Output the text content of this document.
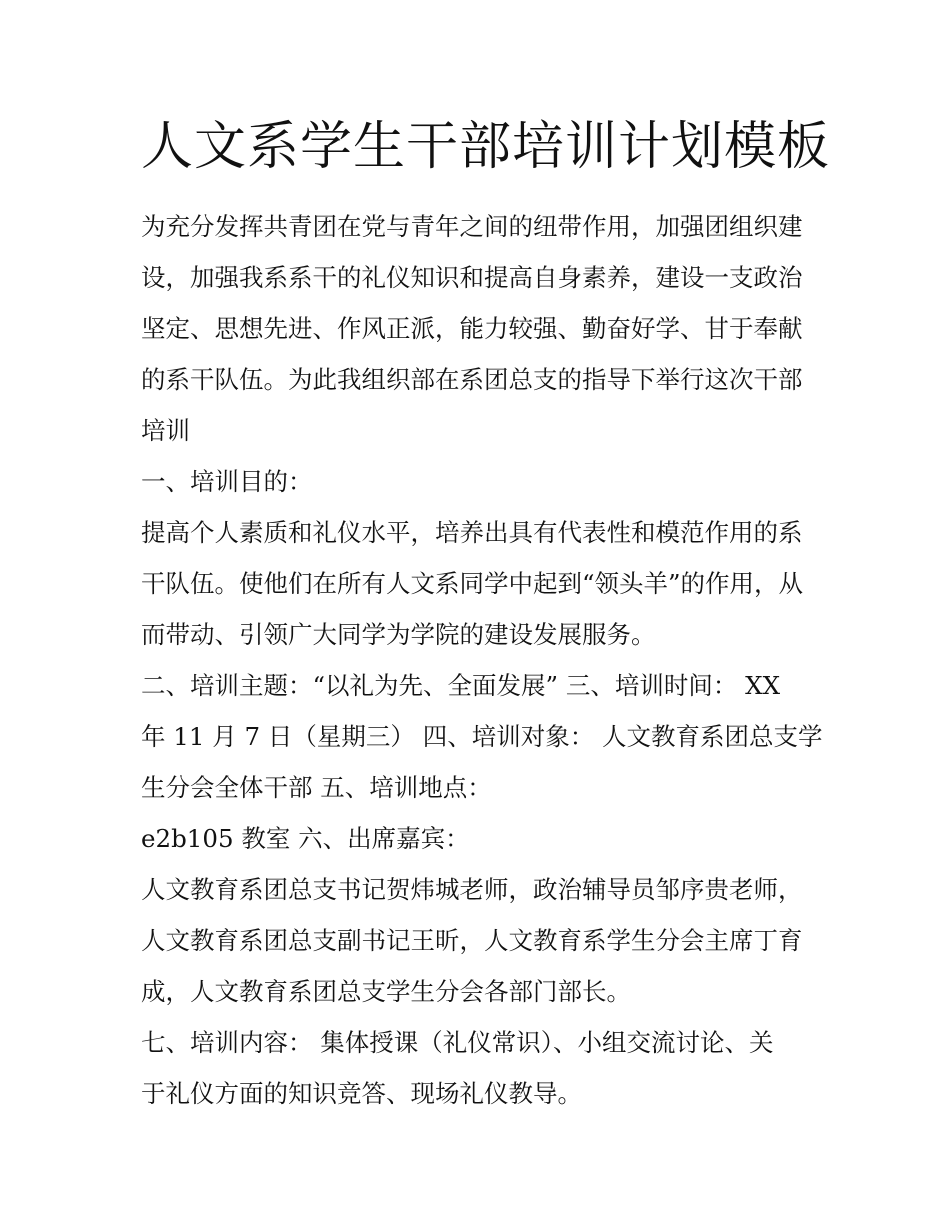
人文系学生干部培训计划模板

为充分发挥共青团在党与青年之间的纽带作用，加强团组织建

设，加强我系系干的礼仪知识和提高自身素养，建设一支政治

坚定、思想先进、作风正派，能力较强、勤奋好学、甘于奉献

的系干队伍。为此我组织部在系团总支的指导下举行这次干部

培训

一、培训目的：

提高个人素质和礼仪水平，培养出具有代表性和模范作用的系

干队伍。使他们在所有人文系同学中起到“领头羊”的作用，从

而带动、引领广大同学为学院的建设发展服务。

二、培训主题：“以礼为先、全面发展” 三、培训时间： XX

年 11 月 7 日（星期三） 四、培训对象： 人文教育系团总支学

生分会全体干部 五、培训地点：

e2b105 教室 六、出席嘉宾：

人文教育系团总支书记贺炜城老师，政治辅导员邹序贵老师，

人文教育系团总支副书记王昕，人文教育系学生分会主席丁育

成，人文教育系团总支学生分会各部门部长。

七、培训内容： 集体授课（礼仪常识）、小组交流讨论、关

于礼仪方面的知识竞答、现场礼仪教导。
